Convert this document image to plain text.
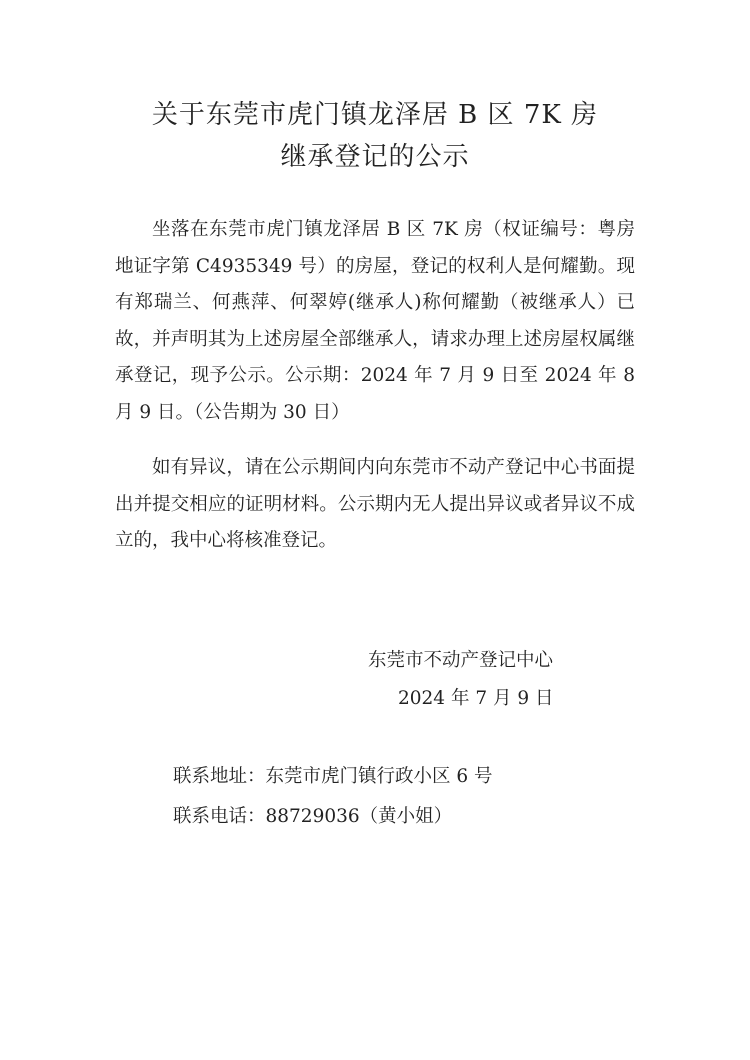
关于东莞市虎门镇龙泽居 B 区 7K 房
继承登记的公示
坐落在东莞市虎门镇龙泽居 B 区 7K 房（权证编号：粤房地证字第 C4935349 号）的房屋，登记的权利人是何耀勤。现有郑瑞兰、何燕萍、何翠婷(继承人)称何耀勤（被继承人）已故，并声明其为上述房屋全部继承人，请求办理上述房屋权属继承登记，现予公示。公示期：2024 年 7 月 9 日至 2024 年 8 月 9 日。（公告期为 30 日）
如有异议，请在公示期间内向东莞市不动产登记中心书面提出并提交相应的证明材料。公示期内无人提出异议或者异议不成立的，我中心将核准登记。
东莞市不动产登记中心
2024 年 7 月 9 日
联系地址：东莞市虎门镇行政小区 6 号
联系电话：88729036（黄小姐）
